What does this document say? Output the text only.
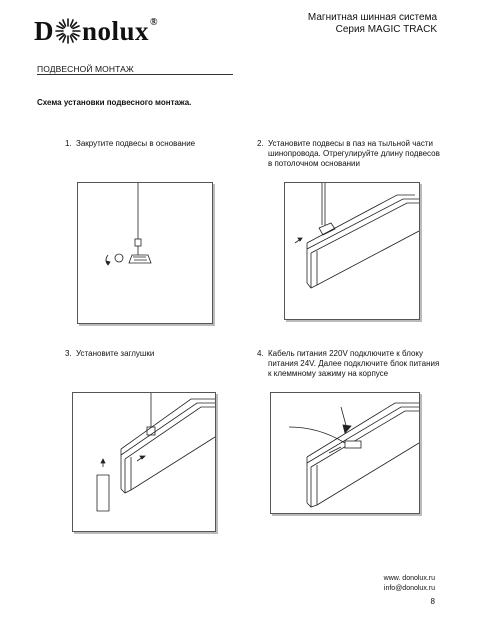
D nolux ®	Магнитная шинная система
Серия MAGIC TRACK
ПОДВЕСНОЙ МОНТАЖ
Схема установки подвесного монтажа.
1. Закрутите подвесы в основание	2. Установите подвесы в паз на тыльной части шинопровода. Отрегулируйте длину подвесов в потолочном основании
3. Установите заглушки	4. Кабель питания 220V подключите к блоку питания 24V. Далее подключите блок питания к клеммному зажиму на корпусе
www. donolux.ru
info@donolux.ru
8
